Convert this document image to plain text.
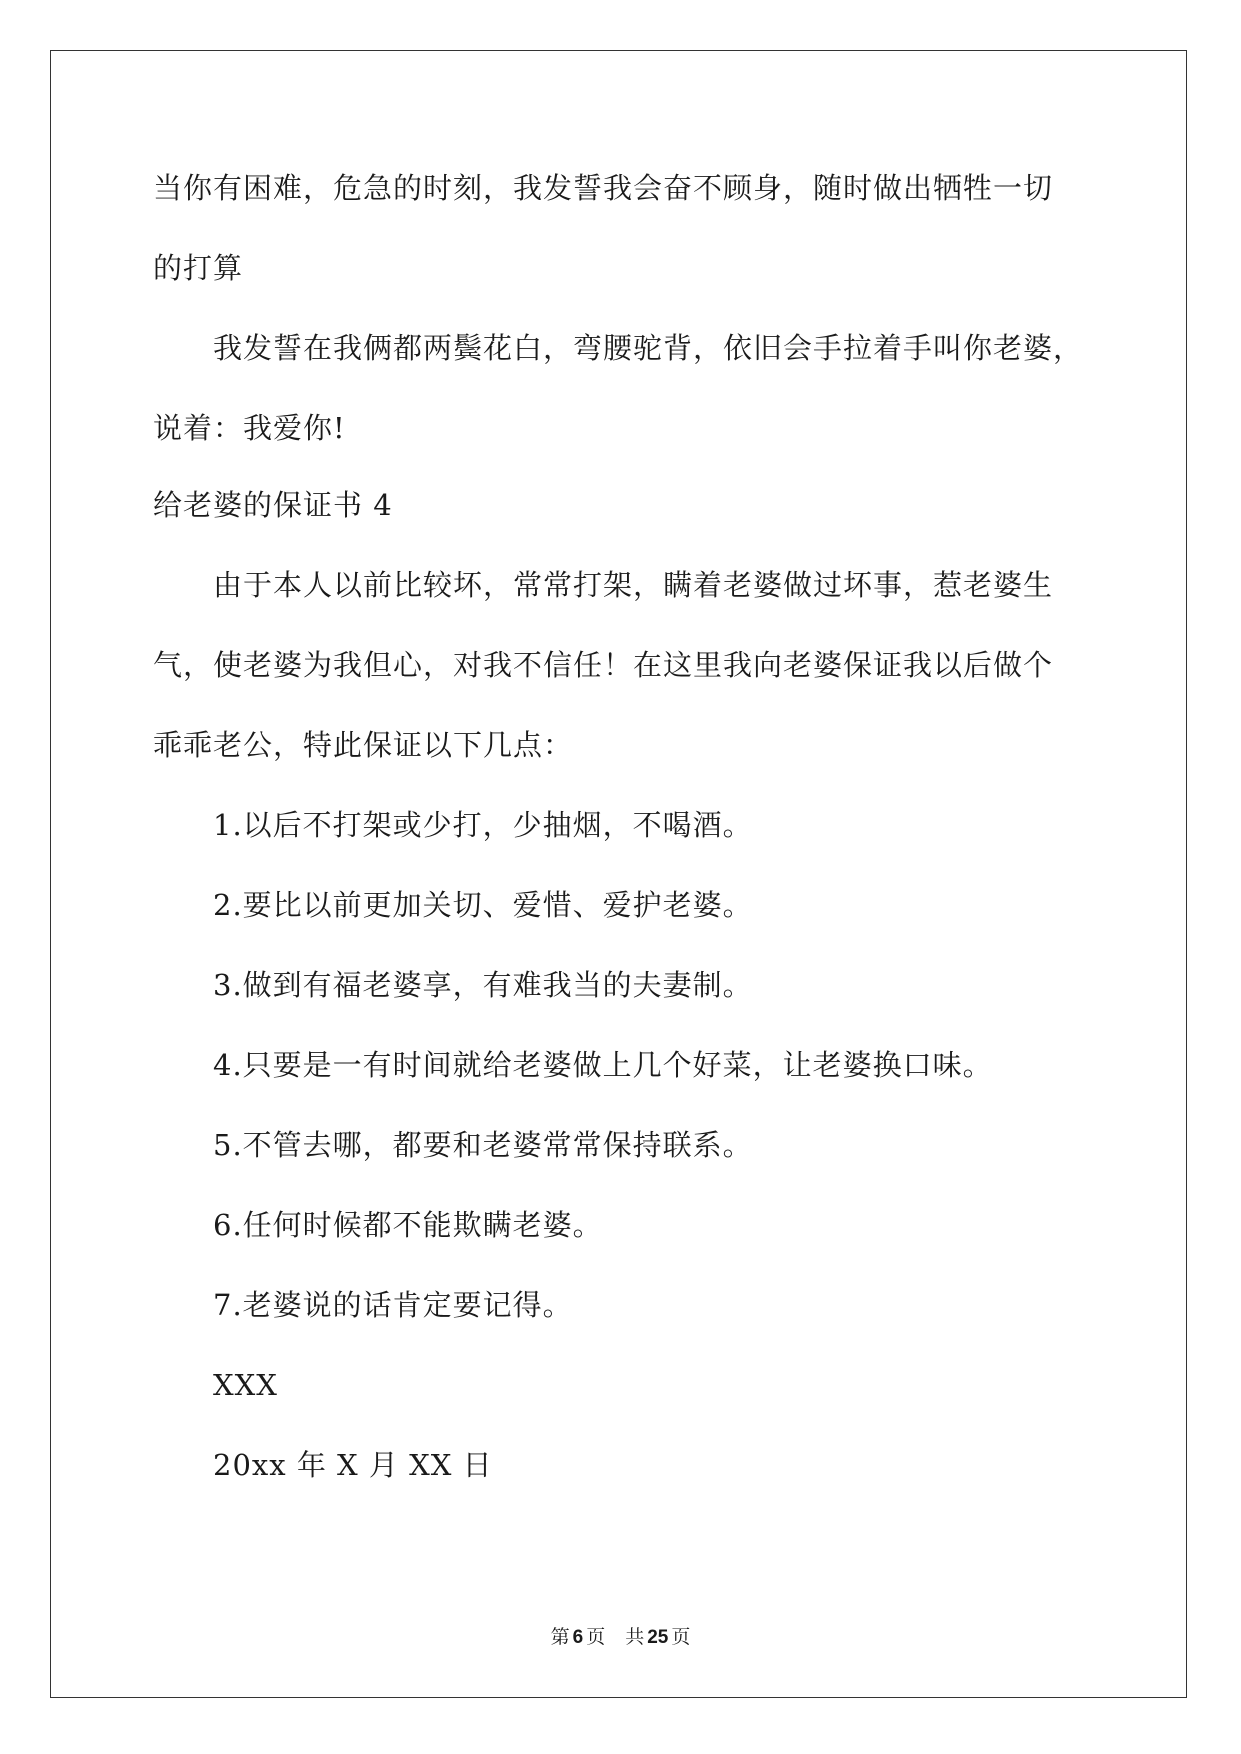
当你有困难，危急的时刻，我发誓我会奋不顾身，随时做出牺牲一切
的打算
我发誓在我俩都两鬓花白，弯腰驼背，依旧会手拉着手叫你老婆，
说着：我爱你!
给老婆的保证书 4
由于本人以前比较坏，常常打架，瞒着老婆做过坏事，惹老婆生
气，使老婆为我但心，对我不信任！在这里我向老婆保证我以后做个
乖乖老公，特此保证以下几点：
1.以后不打架或少打，少抽烟，不喝酒。
2.要比以前更加关切、爱惜、爱护老婆。
3.做到有福老婆享，有难我当的夫妻制。
4.只要是一有时间就给老婆做上几个好菜，让老婆换口味。
5.不管去哪，都要和老婆常常保持联系。
6.任何时候都不能欺瞒老婆。
7.老婆说的话肯定要记得。
XXX
20xx 年 X 月 XX 日
第 6 页 共 25 页
